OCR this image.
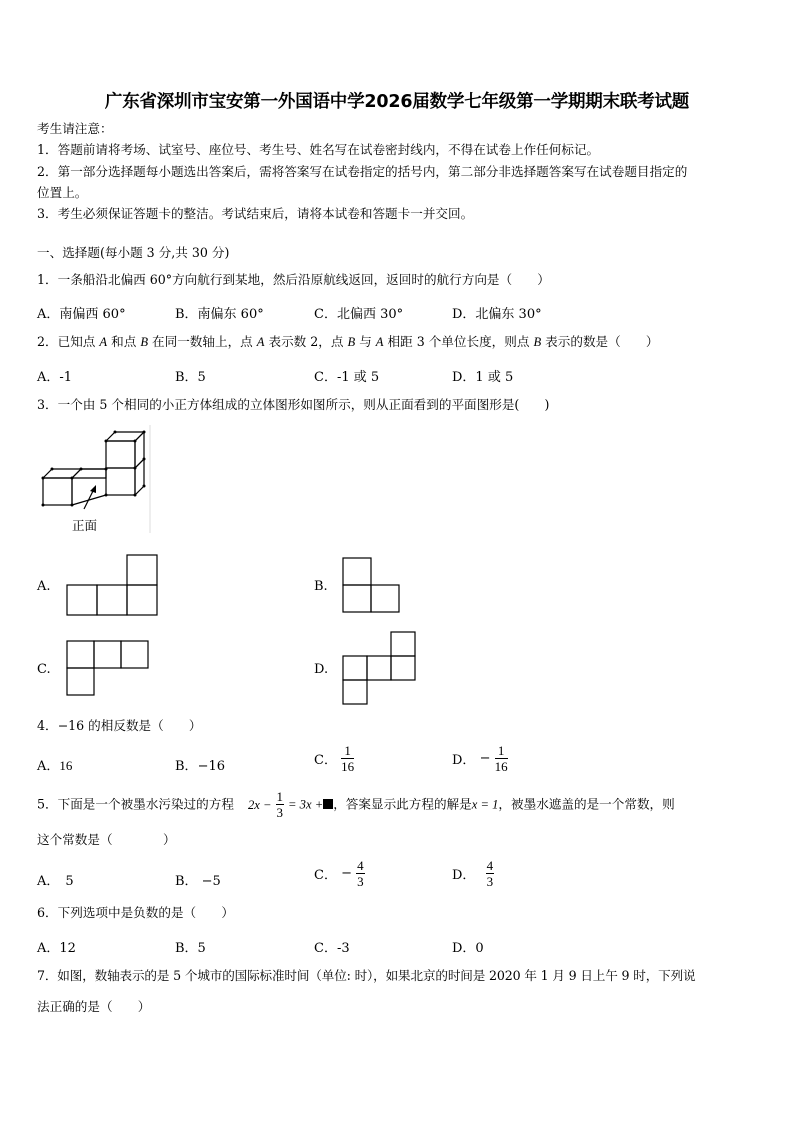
广东省深圳市宝安第一外国语中学2026届数学七年级第一学期期末联考试题
考生请注意：
1．答题前请将考场、试室号、座位号、考生号、姓名写在试卷密封线内，不得在试卷上作任何标记。
2．第一部分选择题每小题选出答案后，需将答案写在试卷指定的括号内，第二部分非选择题答案写在试卷题目指定的
位置上。
3．考生必须保证答题卡的整洁。考试结束后，请将本试卷和答题卡一并交回。
一、选择题(每小题 3 分,共 30 分)
1．一条船沿北偏西 60°方向航行到某地，然后沿原航线返回，返回时的航行方向是（　　）
A．南偏西 60°	B．南偏东 60°	C．北偏西 30°	D．北偏东 30°
2．已知点 A 和点 B 在同一数轴上，点 A 表示数 2，点 B 与 A 相距 3 个单位长度，则点 B 表示的数是（　　）
A．-1	B．5	C．-1 或 5	D．1 或 5
3．一个由 5 个相同的小正方体组成的立体图形如图所示，则从正面看到的平面图形是(　　)
正面
A.	B.
C.	D.
4．−16 的相反数是（　　）
A．16	B．−16	C． $\frac{1}{16}$	D． − $\frac{1}{16}$
5．下面是一个被墨水污染过的方程 $2x - \frac{1}{3} = 3x$ + ，答案显示此方程的解是x = 1，被墨水遮盖的是一个常数，则
这个常数是（　　　　）
A． 5	B． −5	C． − $\frac{4}{3}$	D． $\frac{4}{3}$
6．下列选项中是负数的是（　　）
A．12	B．5	C．-3	D．0
7．如图，数轴表示的是 5 个城市的国际标准时间（单位: 时），如果北京的时间是 2020 年 1 月 9 日上午 9 时，下列说
法正确的是（　　）
